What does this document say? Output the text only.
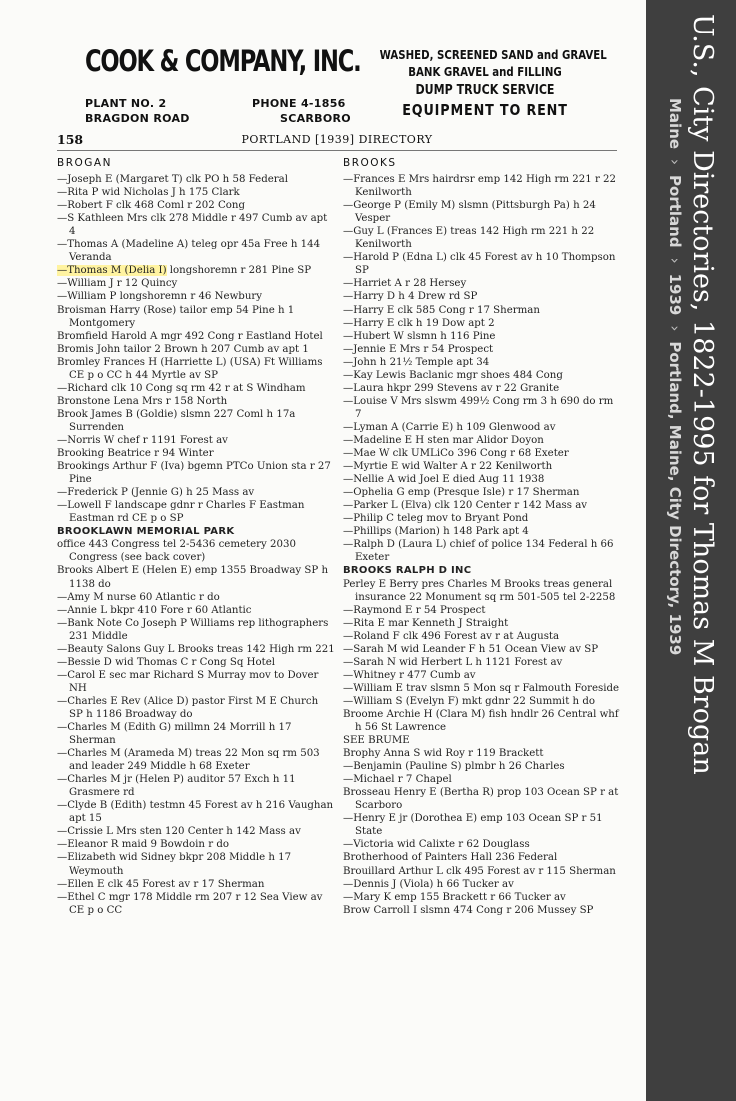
COOK & COMPANY, INC.
PLANT NO. 2
BRAGDON ROAD
PHONE 4-1856
SCARBORO
WASHED, SCREENED SAND and GRAVEL
BANK GRAVEL and FILLING
DUMP TRUCK SERVICE
EQUIPMENT TO RENT
158	PORTLAND [1939] DIRECTORY
BROGAN
—Joseph E (Margaret T) clk PO h 58 Federal
—Rita P wid Nicholas J h 175 Clark
—Robert F clk 468 Coml r 202 Cong
—S Kathleen Mrs clk 278 Middle r 497 Cumb av apt 4
—Thomas A (Madeline A) teleg opr 45a Free h 144 Veranda
—Thomas M (Delia I) longshoremn r 281 Pine SP
—William J r 12 Quincy
—William P longshoremn r 46 Newbury
Broisman Harry (Rose) tailor emp 54 Pine h 1 Montgomery
Bromfield Harold A mgr 492 Cong r Eastland Hotel
Bromis John tailor 2 Brown h 207 Cumb av apt 1
Bromley Frances H (Harriette L) (USA) Ft Williams CE p o CC h 44 Myrtle av SP
—Richard clk 10 Cong sq rm 42 r at S Windham
Bronstone Lena Mrs r 158 North
Brook James B (Goldie) slsmn 227 Coml h 17a Surrenden
—Norris W chef r 1191 Forest av
Brooking Beatrice r 94 Winter
Brookings Arthur F (Iva) bgemn PTCo Union sta r 27 Pine
—Frederick P (Jennie G) h 25 Mass av
—Lowell F landscape gdnr r Charles F Eastman Eastman rd CE p o SP
BROOKLAWN MEMORIAL PARK
office 443 Congress tel 2-5436 cemetery 2030 Congress (see back cover)
Brooks Albert E (Helen E) emp 1355 Broadway SP h 1138 do
—Amy M nurse 60 Atlantic r do
—Annie L bkpr 410 Fore r 60 Atlantic
—Bank Note Co Joseph P Williams rep lithographers 231 Middle
—Beauty Salons Guy L Brooks treas 142 High rm 221
—Bessie D wid Thomas C r Cong Sq Hotel
—Carol E sec mar Richard S Murray mov to Dover NH
—Charles E Rev (Alice D) pastor First M E Church SP h 1186 Broadway do
—Charles M (Edith G) millmn 24 Morrill h 17 Sherman
—Charles M (Arameda M) treas 22 Mon sq rm 503 and leader 249 Middle h 68 Exeter
—Charles M jr (Helen P) auditor 57 Exch h 11 Grasmere rd
—Clyde B (Edith) testmn 45 Forest av h 216 Vaughan apt 15
—Crissie L Mrs sten 120 Center h 142 Mass av
—Eleanor R maid 9 Bowdoin r do
—Elizabeth wid Sidney bkpr 208 Middle h 17 Weymouth
—Ellen E clk 45 Forest av r 17 Sherman
—Ethel C mgr 178 Middle rm 207 r 12 Sea View av CE p o CC
BROOKS
—Frances E Mrs hairdrsr emp 142 High rm 221 r 22 Kenilworth
—George P (Emily M) slsmn (Pittsburgh Pa) h 24 Vesper
—Guy L (Frances E) treas 142 High rm 221 h 22 Kenilworth
—Harold P (Edna L) clk 45 Forest av h 10 Thompson SP
—Harriet A r 28 Hersey
—Harry D h 4 Drew rd SP
—Harry E clk 585 Cong r 17 Sherman
—Harry E clk h 19 Dow apt 2
—Hubert W slsmn h 116 Pine
—Jennie E Mrs r 54 Prospect
—John h 21½ Temple apt 34
—Kay Lewis Baclanic mgr shoes 484 Cong
—Laura hkpr 299 Stevens av r 22 Granite
—Louise V Mrs slswm 499½ Cong rm 3 h 690 do rm 7
—Lyman A (Carrie E) h 109 Glenwood av
—Madeline E H sten mar Alidor Doyon
—Mae W clk UMLiCo 396 Cong r 68 Exeter
—Myrtie E wid Walter A r 22 Kenilworth
—Nellie A wid Joel E died Aug 11 1938
—Ophelia G emp (Presque Isle) r 17 Sherman
—Parker L (Elva) clk 120 Center r 142 Mass av
—Philip C teleg mov to Bryant Pond
—Phillips (Marion) h 148 Park apt 4
—Ralph D (Laura L) chief of police 134 Federal h 66 Exeter
BROOKS RALPH D INC
Perley E Berry pres Charles M Brooks treas general insurance 22 Monument sq rm 501-505 tel 2-2258
—Raymond E r 54 Prospect
—Rita E mar Kenneth J Straight
—Roland F clk 496 Forest av r at Augusta
—Sarah M wid Leander F h 51 Ocean View av SP
—Sarah N wid Herbert L h 1121 Forest av
—Whitney r 477 Cumb av
—William E trav slsmn 5 Mon sq r Falmouth Foreside
—William S (Evelyn F) mkt gdnr 22 Summit h do
Broome Archie H (Clara M) fish hndlr 26 Central whf h 56 St Lawrence
SEE BRUME
Brophy Anna S wid Roy r 119 Brackett
—Benjamin (Pauline S) plmbr h 26 Charles
—Michael r 7 Chapel
Brosseau Henry E (Bertha R) prop 103 Ocean SP r at Scarboro
—Henry E jr (Dorothea E) emp 103 Ocean SP r 51 State
—Victoria wid Calixte r 62 Douglass
Brotherhood of Painters Hall 236 Federal
Brouillard Arthur L clk 495 Forest av r 115 Sherman
—Dennis J (Viola) h 66 Tucker av
—Mary K emp 155 Brackett r 66 Tucker av
Brow Carroll I slsmn 474 Cong r 206 Mussey SP
U.S., City Directories, 1822-1995 for Thomas M Brogan
Maine›Portland›1939›Portland, Maine, City Directory, 1939
